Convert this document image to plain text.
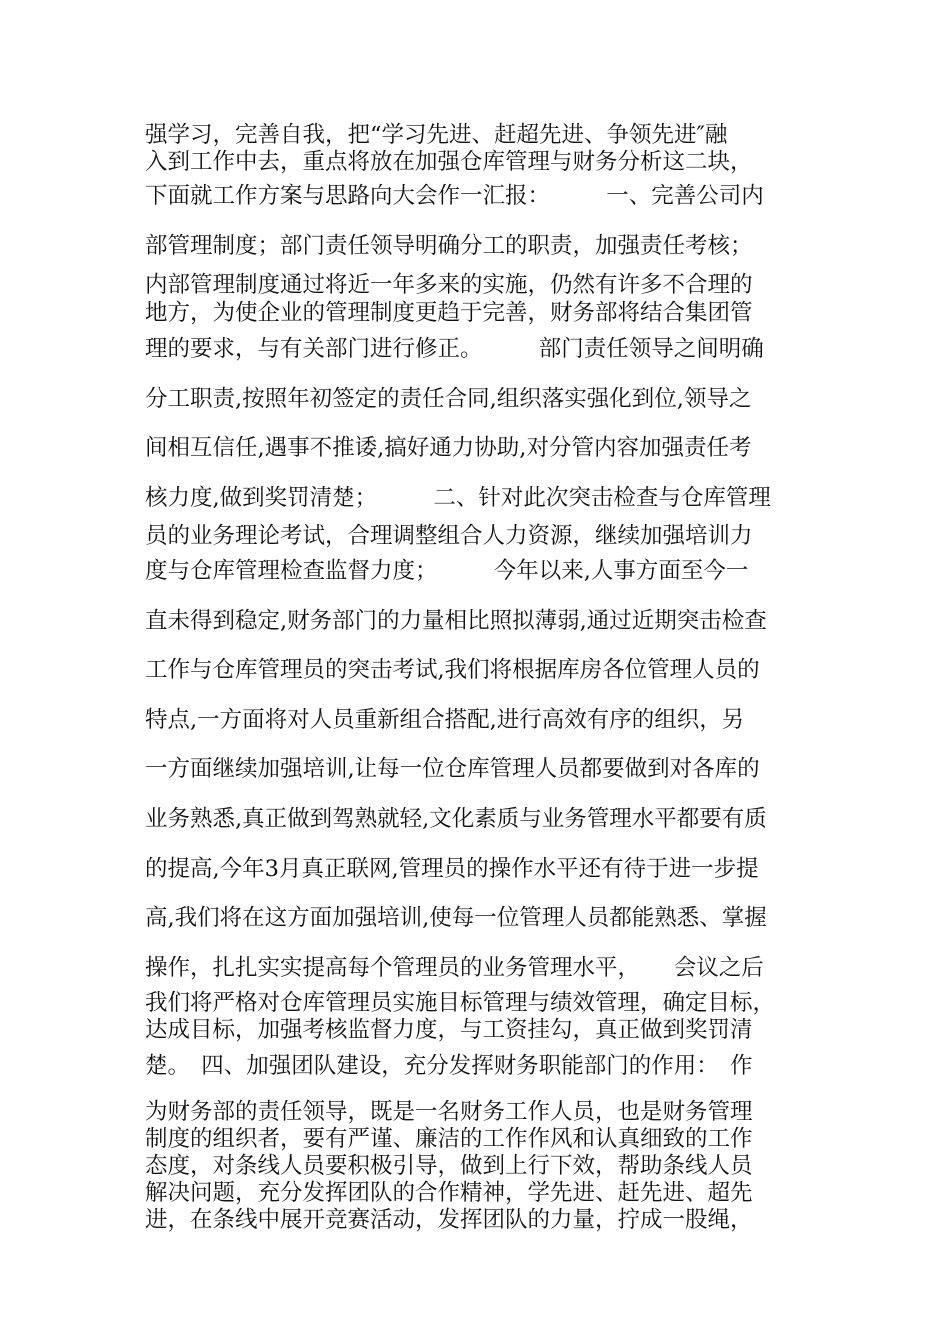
强学习，完善自我，把“学习先进、赶超先进、争领先进″融
入到工作中去，重点将放在加强仓库管理与财务分析这二块，
下面就工作方案与思路向大会作一汇报：　　　一、完善公司内
部管理制度；部门责任领导明确分工的职责，加强责任考核；
内部管理制度通过将近一年多来的实施，仍然有许多不合理的
地方，为使企业的管理制度更趋于完善，财务部将结合集团管
理的要求，与有关部门进行修正。　　　部门责任领导之间明确
分工职责,按照年初签定的责任合同,组织落实强化到位,领导之
间相互信任,遇事不推诿,搞好通力协助,对分管内容加强责任考
核力度,做到奖罚清楚；　　　二、针对此次突击检查与仓库管理
员的业务理论考试，合理调整组合人力资源，继续加强培训力
度与仓库管理检查监督力度；　　　今年以来,人事方面至今一
直未得到稳定,财务部门的力量相比照拟薄弱,通过近期突击检查
工作与仓库管理员的突击考试,我们将根据库房各位管理人员的
特点,一方面将对人员重新组合搭配,进行高效有序的组织，另
一方面继续加强培训,让每一位仓库管理人员都要做到对各库的
业务熟悉,真正做到驾熟就轻,文化素质与业务管理水平都要有质
的提高,今年3月真正联网,管理员的操作水平还有待于进一步提
高,我们将在这方面加强培训,使每一位管理人员都能熟悉、掌握
操作，扎扎实实提高每个管理员的业务管理水平，　　会议之后
我们将严格对仓库管理员实施目标管理与绩效管理，确定目标，
达成目标，加强考核监督力度，与工资挂勾，真正做到奖罚清
楚。　四、加强团队建设，充分发挥财务职能部门的作用：　作
为财务部的责任领导，既是一名财务工作人员，也是财务管理
制度的组织者，要有严谨、廉洁的工作作风和认真细致的工作
态度，对条线人员要积极引导，做到上行下效，帮助条线人员
解决问题，充分发挥团队的合作精神，学先进、赶先进、超先
进，在条线中展开竞赛活动，发挥团队的力量，拧成一股绳，
